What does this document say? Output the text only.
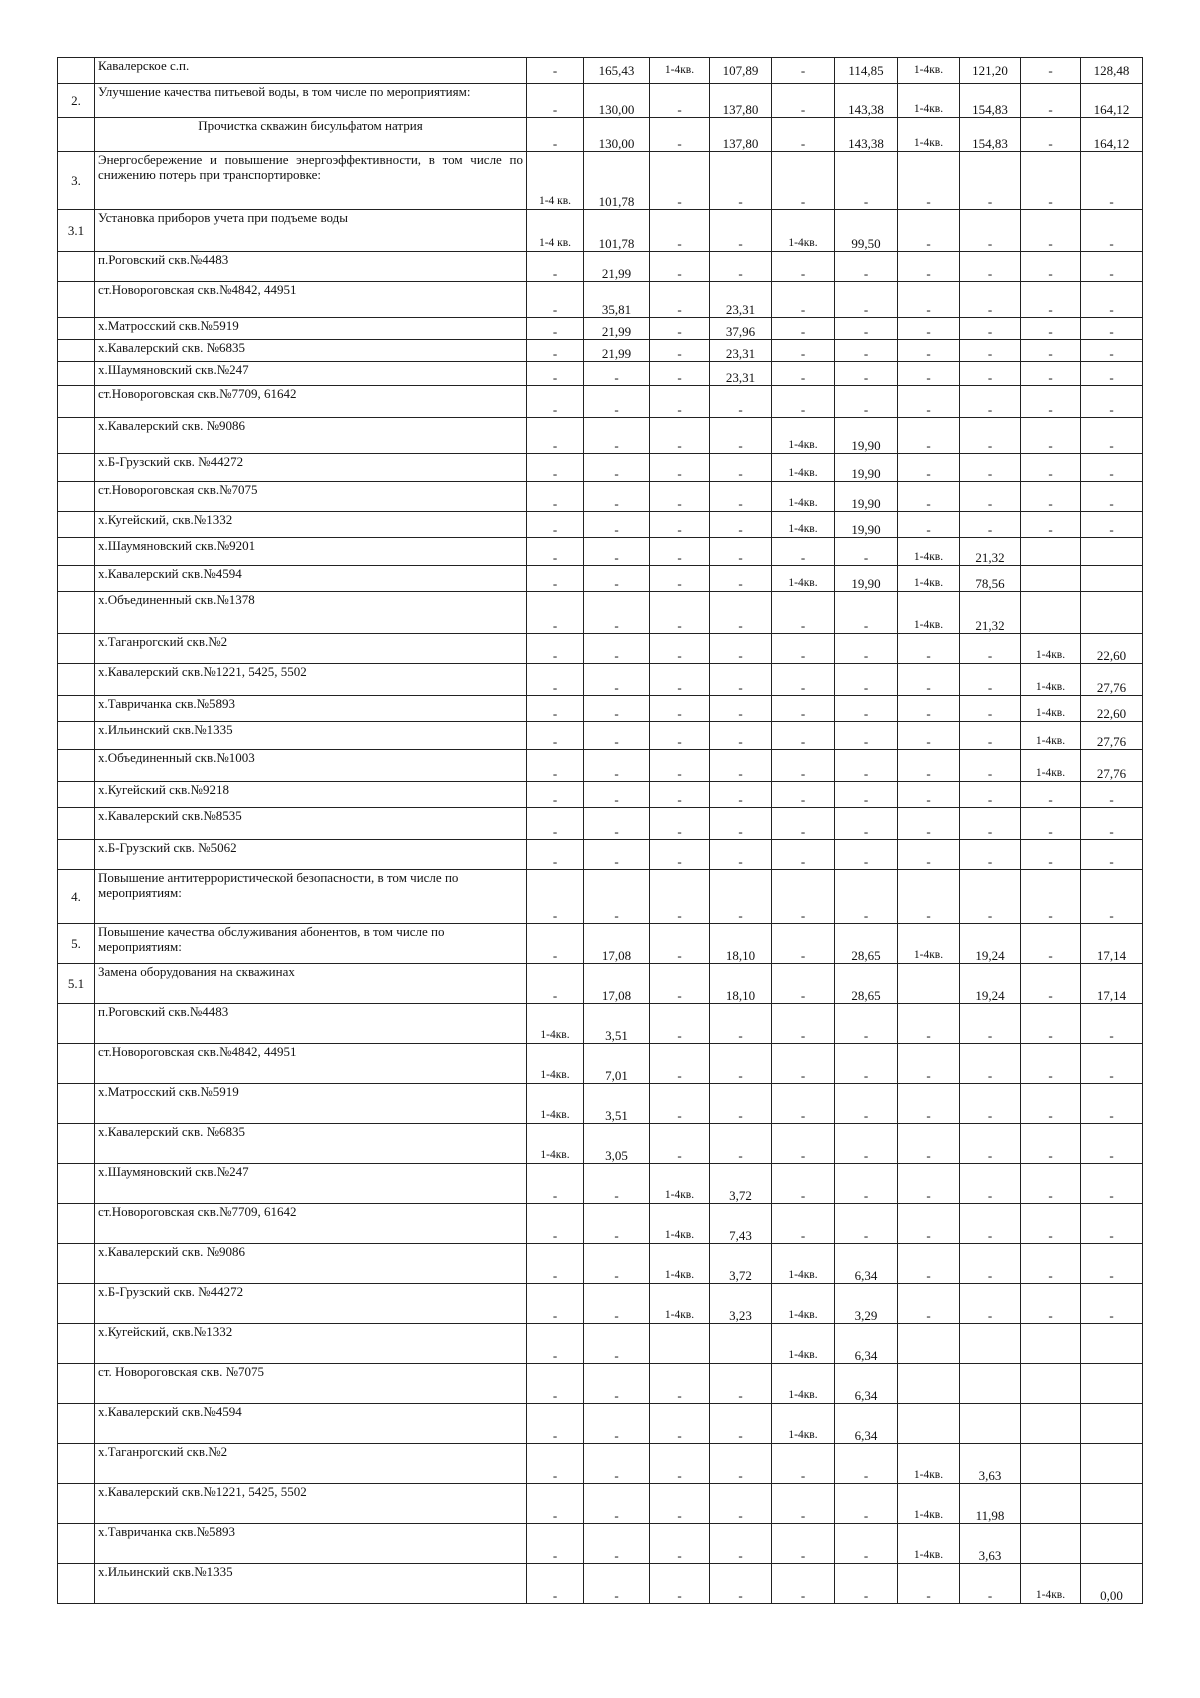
	Кавалерское с.п.	-	165,43	1-4кв.	107,89	-	114,85	1-4кв.	121,20	-	128,48
2.	Улучшение качества питьевой воды, в том числе по мероприятиям:	-	130,00	-	137,80	-	143,38	1-4кв.	154,83	-	164,12
	Прочистка скважин бисульфатом натрия	-	130,00	-	137,80	-	143,38	1-4кв.	154,83	-	164,12
3.	Энергосбережение и повышение энергоэффективности, в том числе по снижению потерь при транспортировке:	1-4 кв.	101,78	-	-	-	-	-	-	-	-
3.1	Установка приборов учета при подъеме воды	1-4 кв.	101,78	-	-	1-4кв.	99,50	-	-	-	-
	п.Роговский скв.№4483	-	21,99	-	-	-	-	-	-	-	-
	ст.Новороговская скв.№4842, 44951	-	35,81	-	23,31	-	-	-	-	-	-
	х.Матросский скв.№5919	-	21,99	-	37,96	-	-	-	-	-	-
	х.Кавалерский скв. №6835	-	21,99	-	23,31	-	-	-	-	-	-
	х.Шаумяновский скв.№247	-	-	-	23,31	-	-	-	-	-	-
	ст.Новороговская скв.№7709, 61642	-	-	-	-	-	-	-	-	-	-
	х.Кавалерский скв. №9086	-	-	-	-	1-4кв.	19,90	-	-	-	-
	х.Б-Грузский скв. №44272	-	-	-	-	1-4кв.	19,90	-	-	-	-
	ст.Новороговская скв.№7075	-	-	-	-	1-4кв.	19,90	-	-	-	-
	х.Кугейский, скв.№1332	-	-	-	-	1-4кв.	19,90	-	-	-	-
	х.Шаумяновский скв.№9201	-	-	-	-	-	-	1-4кв.	21,32		
	х.Кавалерский скв.№4594	-	-	-	-	1-4кв.	19,90	1-4кв.	78,56		
	х.Объединенный скв.№1378	-	-	-	-	-	-	1-4кв.	21,32		
	х.Таганрогский скв.№2	-	-	-	-	-	-	-	-	1-4кв.	22,60
	х.Кавалерский скв.№1221, 5425, 5502	-	-	-	-	-	-	-	-	1-4кв.	27,76
	х.Тавричанка скв.№5893	-	-	-	-	-	-	-	-	1-4кв.	22,60
	х.Ильинский скв.№1335	-	-	-	-	-	-	-	-	1-4кв.	27,76
	х.Объединенный скв.№1003	-	-	-	-	-	-	-	-	1-4кв.	27,76
	х.Кугейский скв.№9218	-	-	-	-	-	-	-	-	-	-
	х.Кавалерский скв.№8535	-	-	-	-	-	-	-	-	-	-
	х.Б-Грузский скв. №5062	-	-	-	-	-	-	-	-	-	-
4.	Повышение антитеррористической безопасности, в том числе по мероприятиям:	-	-	-	-	-	-	-	-	-	-
5.	Повышение качества обслуживания абонентов, в том числе по мероприятиям:	-	17,08	-	18,10	-	28,65	1-4кв.	19,24	-	17,14
5.1	Замена оборудования на скважинах	-	17,08	-	18,10	-	28,65		19,24	-	17,14
	п.Роговский скв.№4483	1-4кв.	3,51	-	-	-	-	-	-	-	-
	ст.Новороговская скв.№4842, 44951	1-4кв.	7,01	-	-	-	-	-	-	-	-
	х.Матросский скв.№5919	1-4кв.	3,51	-	-	-	-	-	-	-	-
	х.Кавалерский скв. №6835	1-4кв.	3,05	-	-	-	-	-	-	-	-
	х.Шаумяновский скв.№247	-	-	1-4кв.	3,72	-	-	-	-	-	-
	ст.Новороговская скв.№7709, 61642	-	-	1-4кв.	7,43	-	-	-	-	-	-
	х.Кавалерский скв. №9086	-	-	1-4кв.	3,72	1-4кв.	6,34	-	-	-	-
	х.Б-Грузский скв. №44272	-	-	1-4кв.	3,23	1-4кв.	3,29	-	-	-	-
	х.Кугейский, скв.№1332	-	-			1-4кв.	6,34				
	ст. Новороговская скв. №7075	-	-	-	-	1-4кв.	6,34				
	х.Кавалерский скв.№4594	-	-	-	-	1-4кв.	6,34				
	х.Таганрогский скв.№2	-	-	-	-	-	-	1-4кв.	3,63		
	х.Кавалерский скв.№1221, 5425, 5502	-	-	-	-	-	-	1-4кв.	11,98		
	х.Тавричанка скв.№5893	-	-	-	-	-	-	1-4кв.	3,63		
	х.Ильинский скв.№1335	-	-	-	-	-	-	-	-	1-4кв.	0,00
